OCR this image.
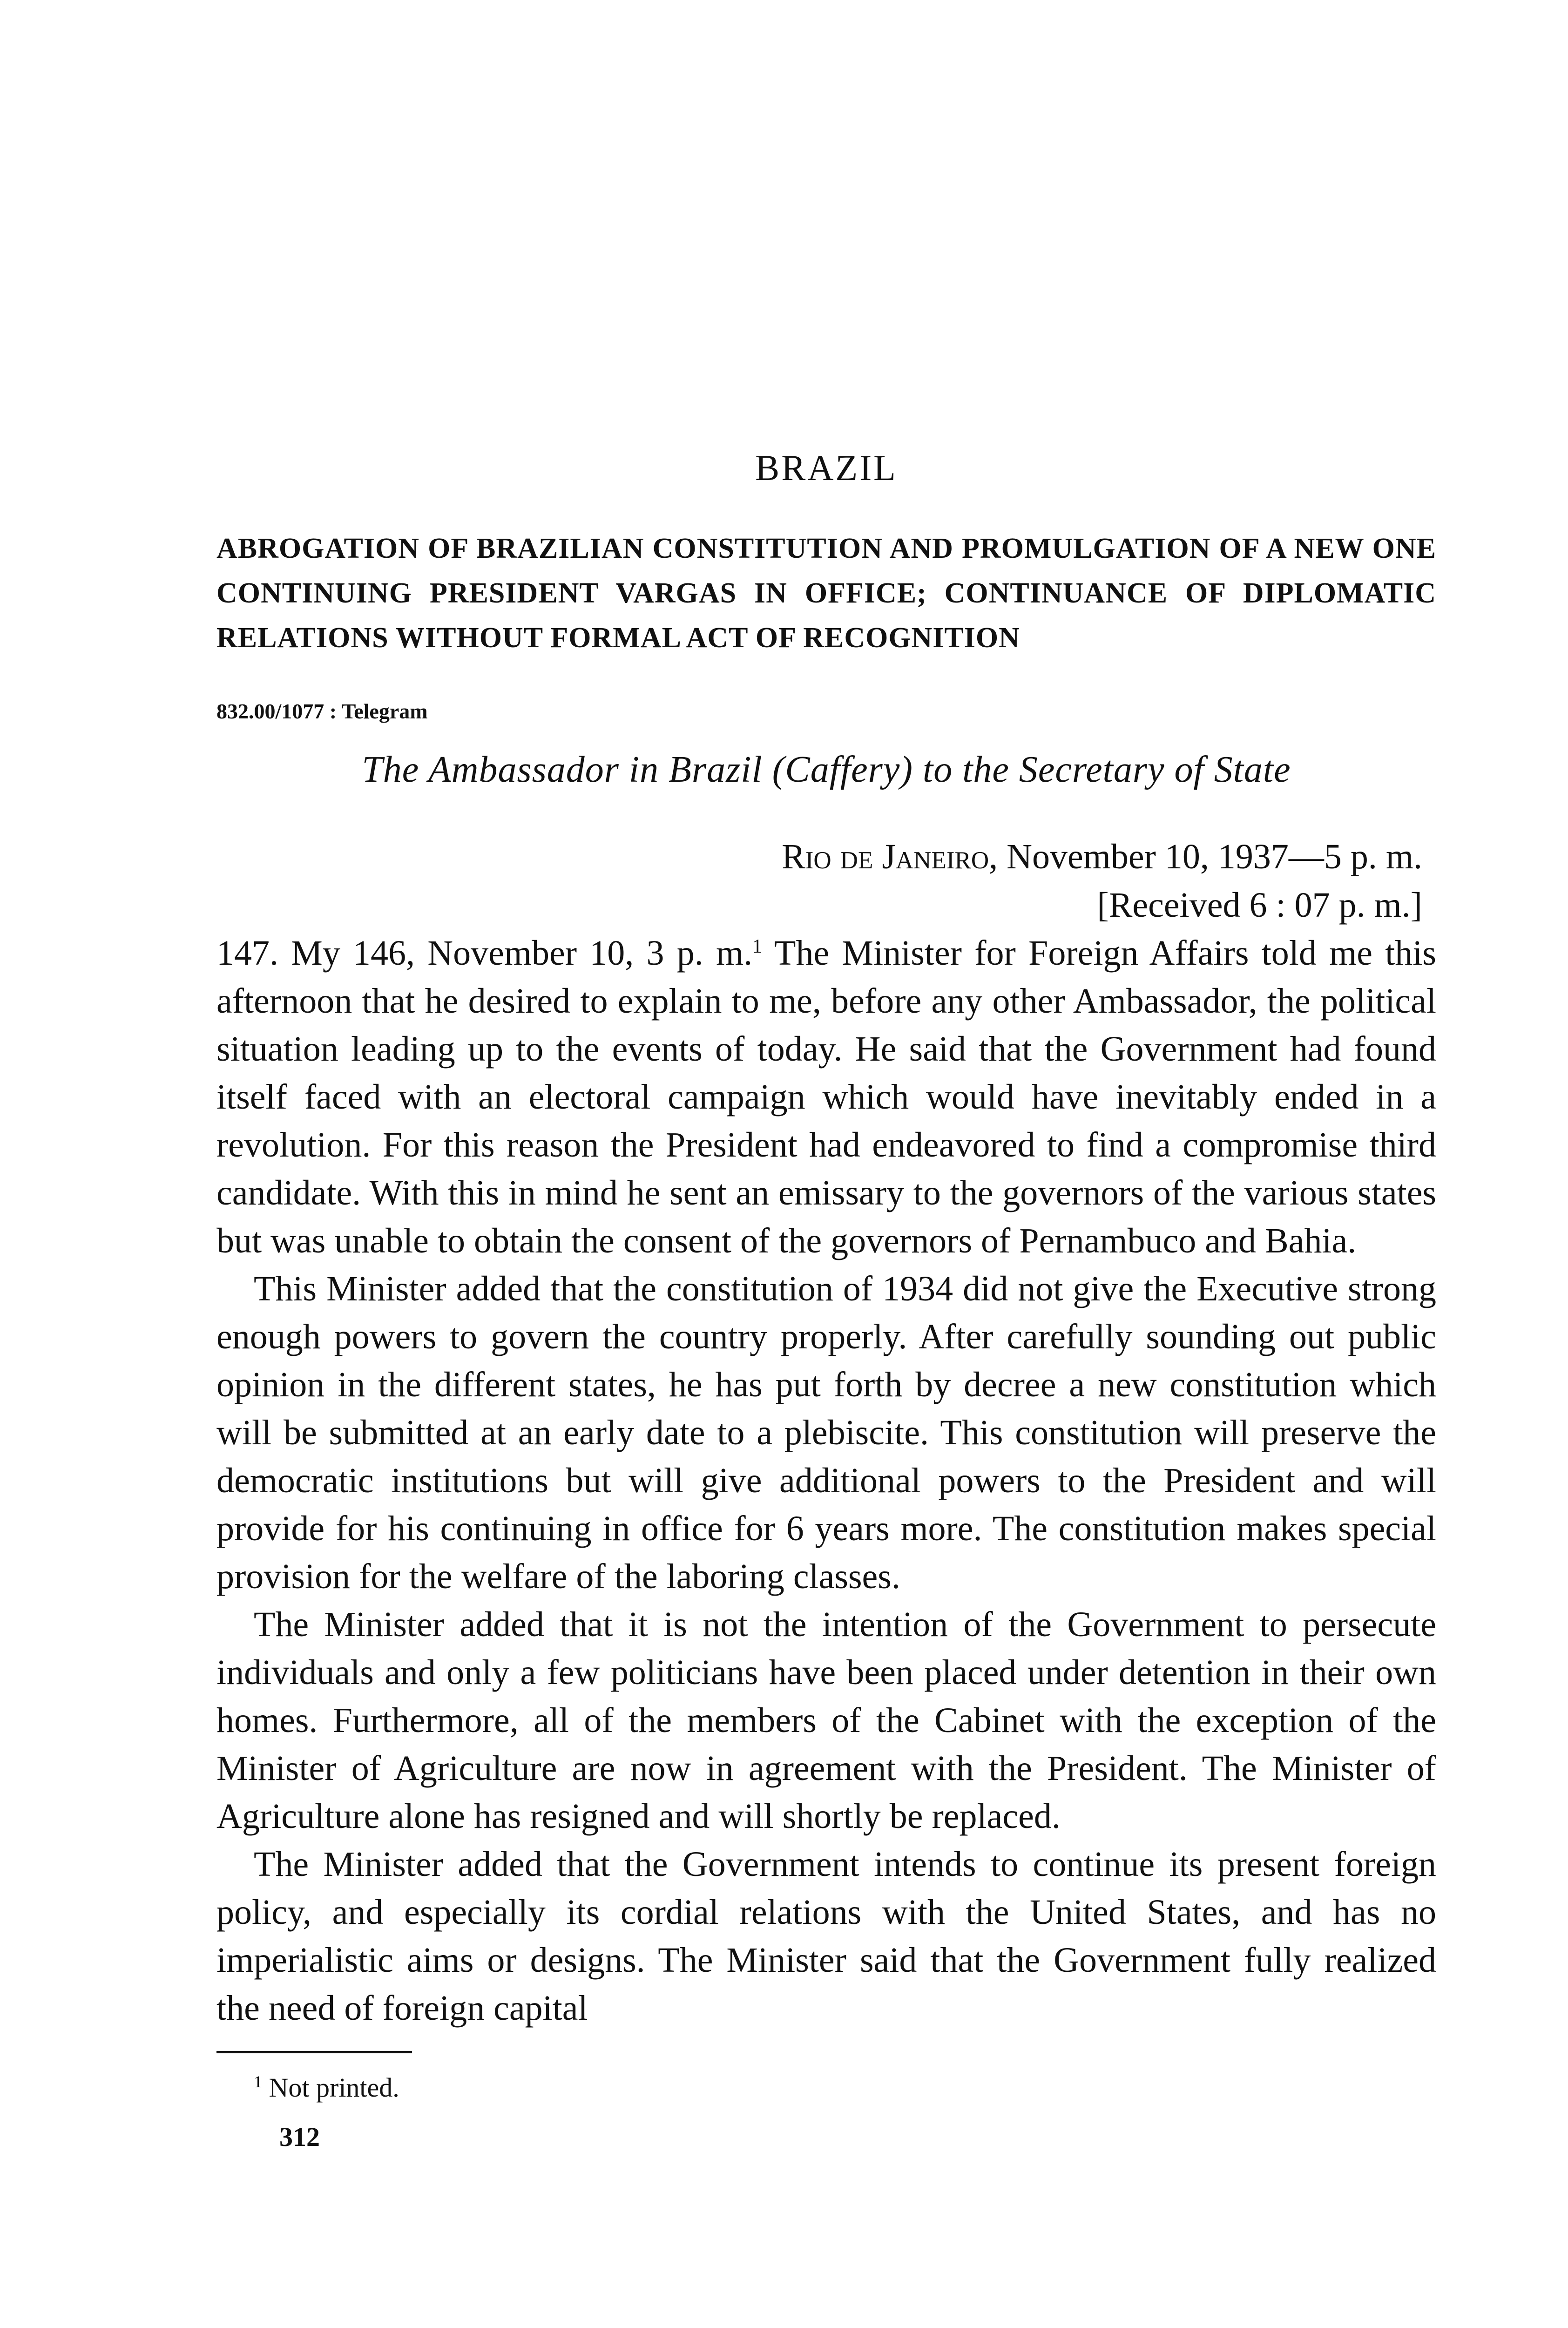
BRAZIL
ABROGATION OF BRAZILIAN CONSTITUTION AND PROMULGATION OF A NEW ONE CONTINUING PRESIDENT VARGAS IN OFFICE; CONTINUANCE OF DIPLOMATIC RELATIONS WITHOUT FORMAL ACT OF RECOGNITION
832.00/1077 : Telegram
The Ambassador in Brazil (Caffery) to the Secretary of State
Rio de Janeiro, November 10, 1937—5 p. m.
[Received 6 : 07 p. m.]

147. My 146, November 10, 3 p. m.$^1$ The Minister for Foreign Affairs told me this afternoon that he desired to explain to me, before any other Ambassador, the political situation leading up to the events of today. He said that the Government had found itself faced with an electoral campaign which would have inevitably ended in a revolution. For this reason the President had endeavored to find a compromise third candidate. With this in mind he sent an emissary to the governors of the various states but was unable to obtain the consent of the governors of Pernambuco and Bahia.

This Minister added that the constitution of 1934 did not give the Executive strong enough powers to govern the country properly. After carefully sounding out public opinion in the different states, he has put forth by decree a new constitution which will be submitted at an early date to a plebiscite. This constitution will preserve the democratic institutions but will give additional powers to the President and will provide for his continuing in office for 6 years more. The constitution makes special provision for the welfare of the laboring classes.

The Minister added that it is not the intention of the Government to persecute individuals and only a few politicians have been placed under detention in their own homes. Furthermore, all of the members of the Cabinet with the exception of the Minister of Agriculture are now in agreement with the President. The Minister of Agriculture alone has resigned and will shortly be replaced.

The Minister added that the Government intends to continue its present foreign policy, and especially its cordial relations with the United States, and has no imperialistic aims or designs. The Minister said that the Government fully realized the need of foreign capital

$^1$ Not printed.
312
